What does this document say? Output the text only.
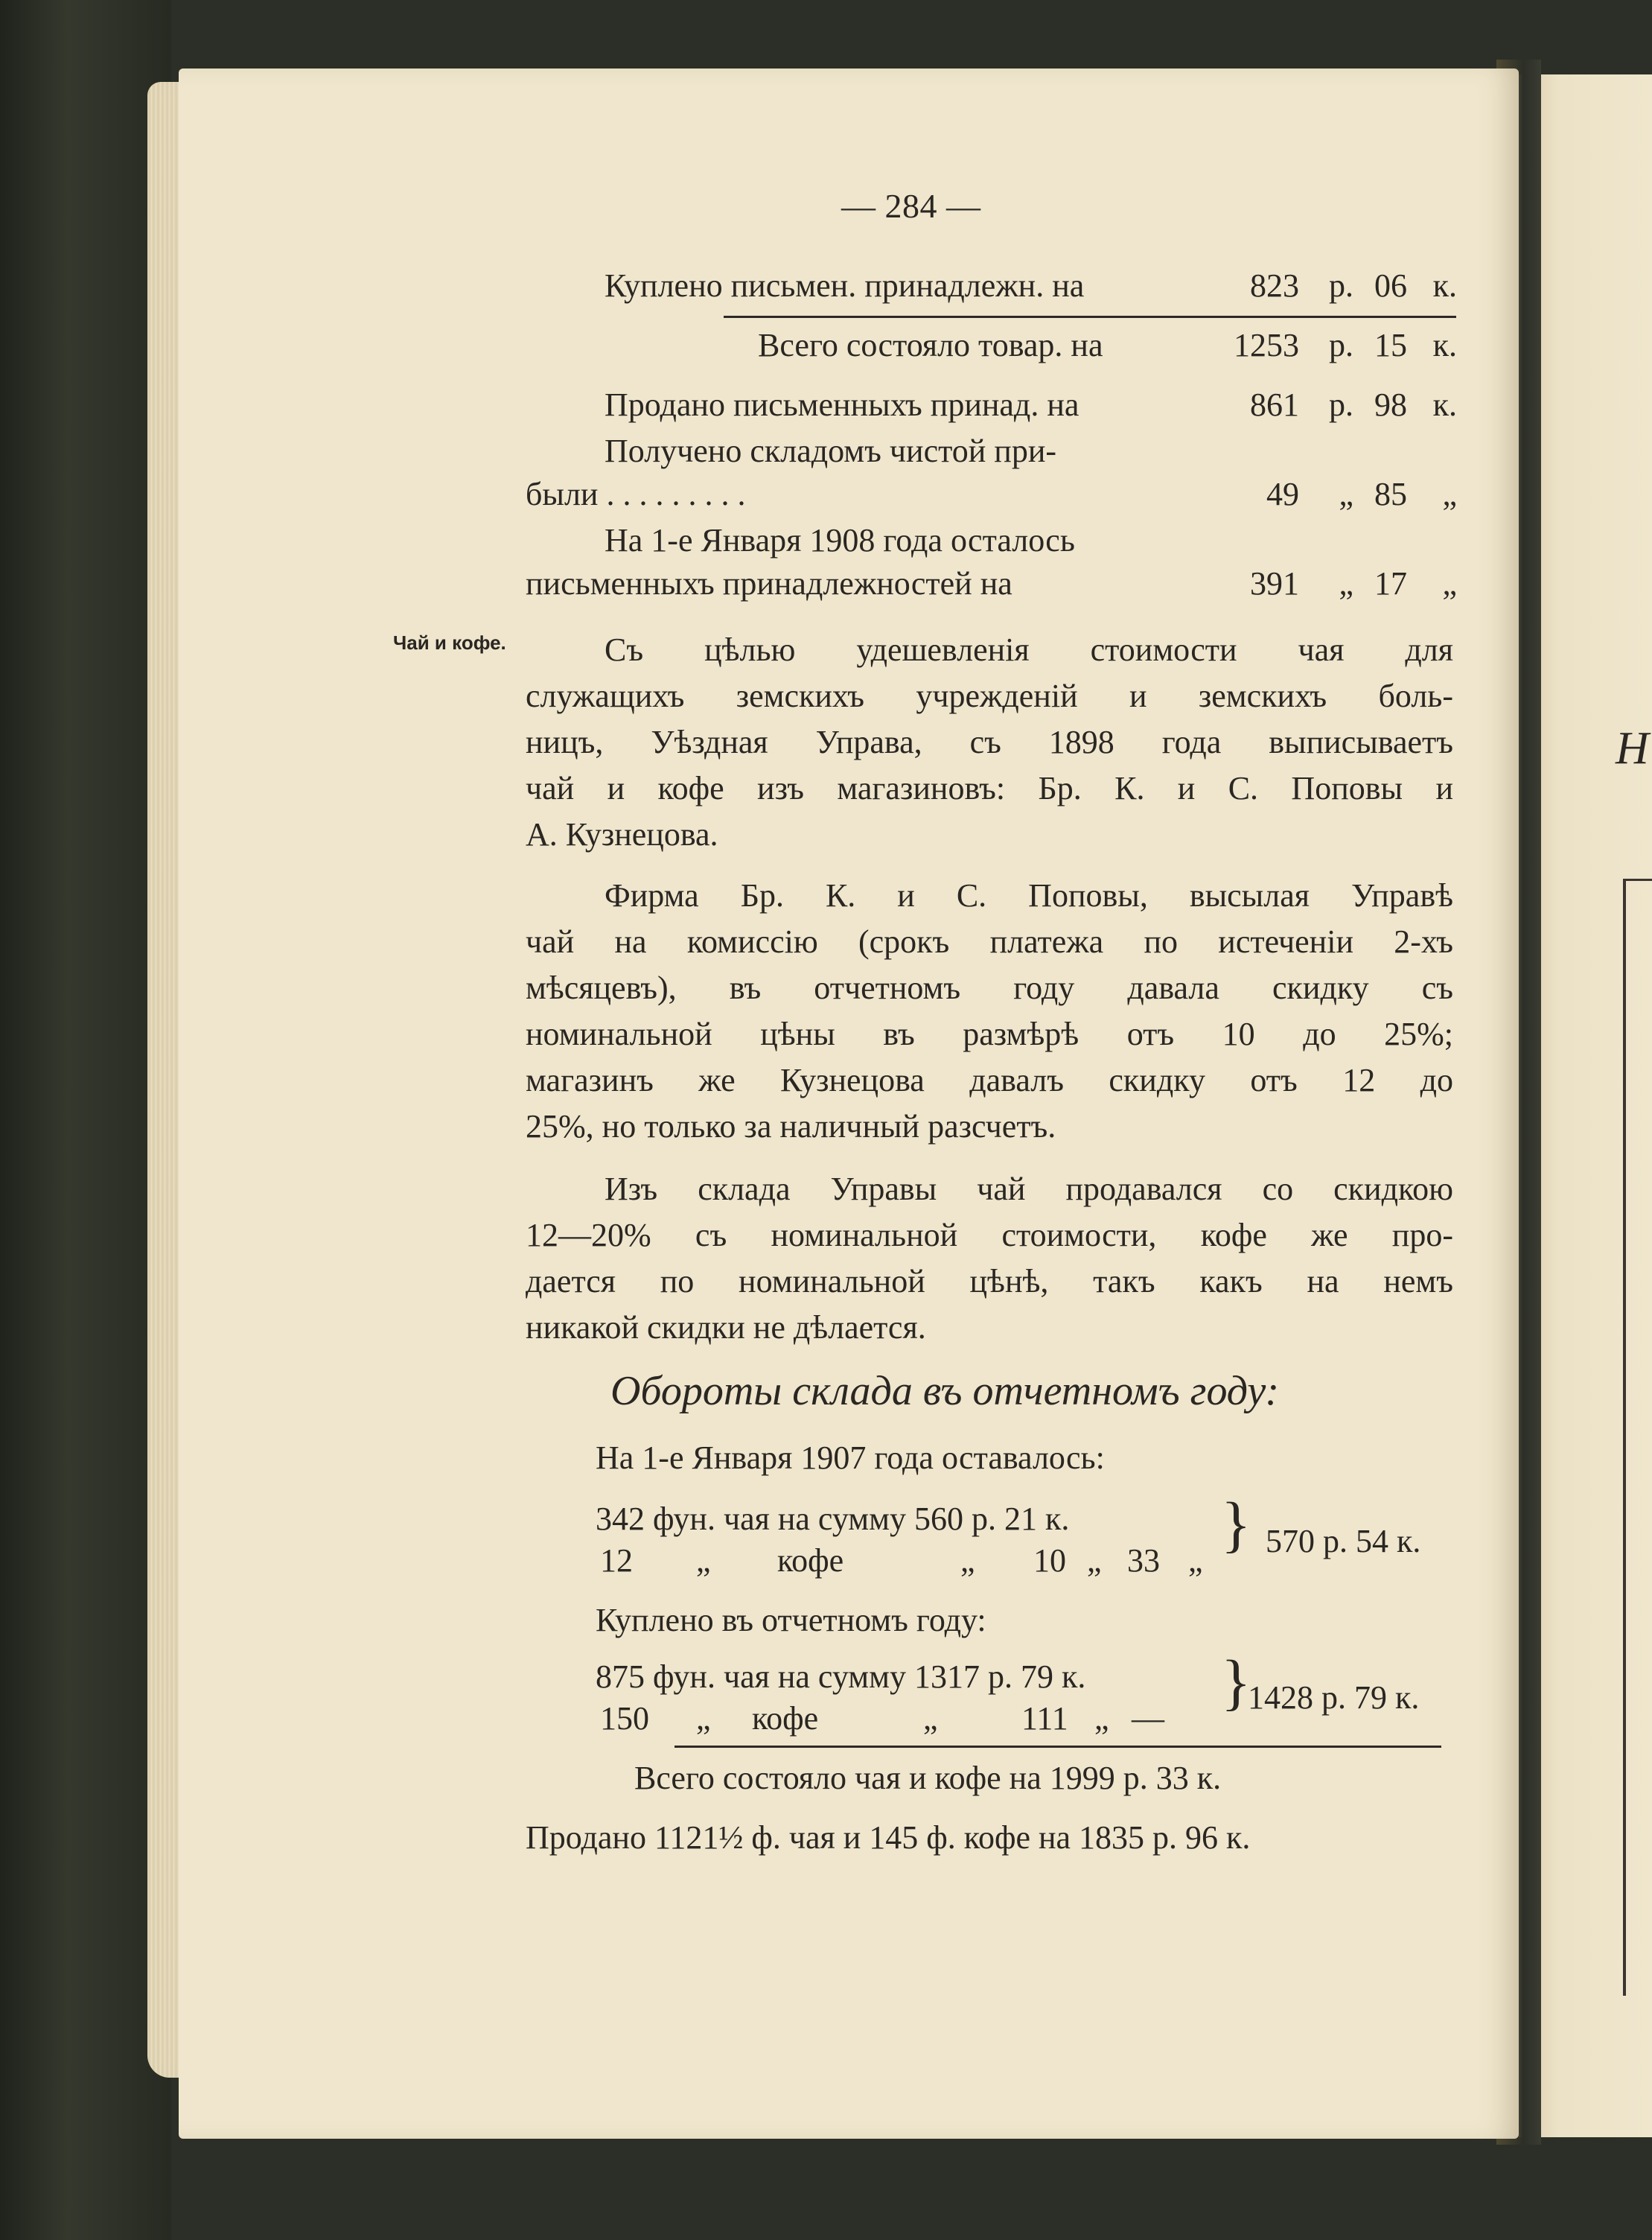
Н
— 284 —
Куплено письмен. принадлежн. на	823 р. 06 к.
Всего состояло товар. на	1253 р. 15 к.
Продано письменныхъ принад. на	861 р. 98 к.
Получено складомъ чистой при-
были . . . . . . . . .	49	„ 85	„
На 1-е Января 1908 года осталось
письменныхъ принадлежностей на	391	„ 17	„
Чай и кофе.	Съ цѣлью удешевленія стоимости чая для
служащихъ земскихъ учрежденій и земскихъ боль-
ницъ, Уѣздная Управа, съ 1898 года выписываетъ
чай и кофе изъ магазиновъ: Бр. К. и С. Поповы и
А. Кузнецова.
Фирма Бр. К. и С. Поповы, высылая Управѣ
чай на комиссію (срокъ платежа по истеченіи 2-хъ
мѣсяцевъ), въ отчетномъ году давала скидку съ
номинальной цѣны въ размѣрѣ отъ 10 до 25%;
магазинъ же Кузнецова давалъ скидку отъ 12 до
25%, но только за наличный разсчетъ.
Изъ склада Управы чай продавался со скидкою
12—20% съ номинальной стоимости, кофе же про-
дается по номинальной цѣнѣ, такъ какъ на немъ
никакой скидки не дѣлается.
Обороты склада въ отчетномъ году:
На 1-е Января 1907 года оставалось:
342 фун. чая на сумму 560 р. 21 к.
12 „ кофе	„ 10 „ 33 „
} 570 р. 54 к.
Куплено въ отчетномъ году:
875 фун. чая на сумму 1317 р. 79 к.
150 „ кофе	„	111 „ —
}
1428 р. 79 к.
Всего состояло чая и кофе на 1999 р. 33 к.
Продано 1121½ ф. чая и 145 ф. кофе на 1835 р. 96 к.
